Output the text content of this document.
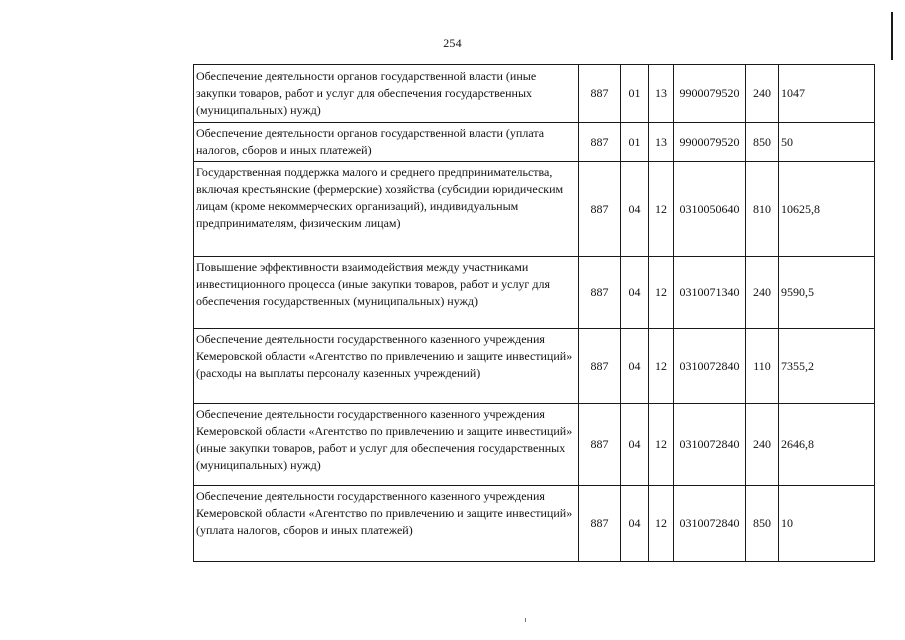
254
Обеспечение деятельности органов государственной власти (иные закупки товаров, работ и услуг для обеспечения государственных (муниципальных) нужд)	887	01	13	9900079520	240	1047
Обеспечение деятельности органов государственной власти (уплата налогов, сборов и иных платежей)	887	01	13	9900079520	850	50
Государственная поддержка малого и среднего предпринимательства, включая крестьянские (фермерские) хозяйства (субсидии юридическим лицам (кроме некоммерческих организаций), индивидуальным предпринимателям, физическим лицам)	887	04	12	0310050640	810	10625,8
Повышение эффективности взаимодействия между участниками инвестиционного процесса (иные закупки товаров, работ и услуг для обеспечения государственных (муниципальных) нужд)	887	04	12	0310071340	240	9590,5
Обеспечение деятельности государственного казенного учреждения Кемеровской области «Агентство по привлечению и защите инвестиций» (расходы на выплаты персоналу казенных учреждений)	887	04	12	0310072840	110	7355,2
Обеспечение деятельности государственного казенного учреждения Кемеровской области «Агентство по привлечению и защите инвестиций» (иные закупки товаров, работ и услуг для обеспечения государственных (муниципальных) нужд)	887	04	12	0310072840	240	2646,8
Обеспечение деятельности государственного казенного учреждения Кемеровской области «Агентство по привлечению и защите инвестиций» (уплата налогов, сборов и иных платежей)	887	04	12	0310072840	850	10
